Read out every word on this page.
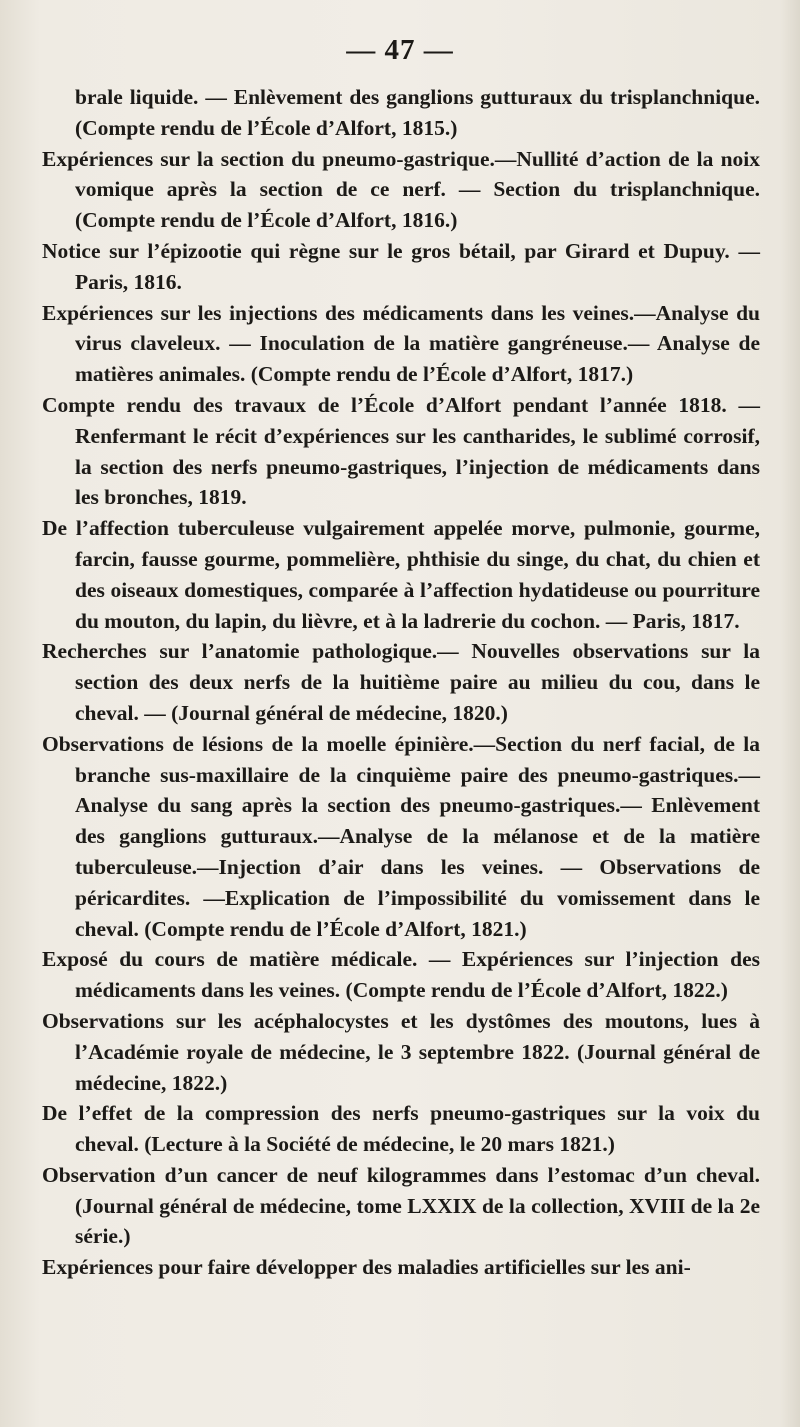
— 47 —

brale liquide. — Enlèvement des ganglions gutturaux du trisplanchnique. (Compte rendu de l’École d’Alfort, 1815.)

Expériences sur la section du pneumo-gastrique.—Nullité d’action de la noix vomique après la section de ce nerf. — Section du trisplanchnique. (Compte rendu de l’École d’Alfort, 1816.)

Notice sur l’épizootie qui règne sur le gros bétail, par Girard et Dupuy. —Paris, 1816.

Expériences sur les injections des médicaments dans les veines.—Analyse du virus claveleux. — Inoculation de la matière gangréneuse.— Analyse de matières animales. (Compte rendu de l’École d’Alfort, 1817.)

Compte rendu des travaux de l’École d’Alfort pendant l’année 1818. — Renfermant le récit d’expériences sur les cantharides, le sublimé corrosif, la section des nerfs pneumo-gastriques, l’injection de médicaments dans les bronches, 1819.

De l’affection tuberculeuse vulgairement appelée morve, pulmonie, gourme, farcin, fausse gourme, pommelière, phthisie du singe, du chat, du chien et des oiseaux domestiques, comparée à l’affection hydatideuse ou pourriture du mouton, du lapin, du lièvre, et à la ladrerie du cochon. — Paris, 1817.

Recherches sur l’anatomie pathologique.— Nouvelles observations sur la section des deux nerfs de la huitième paire au milieu du cou, dans le cheval. — (Journal général de médecine, 1820.)

Observations de lésions de la moelle épinière.—Section du nerf facial, de la branche sus-maxillaire de la cinquième paire des pneumo-gastriques.—Analyse du sang après la section des pneumo-gastriques.— Enlèvement des ganglions gutturaux.—Analyse de la mélanose et de la matière tuberculeuse.—Injection d’air dans les veines. — Observations de péricardites. —Explication de l’impossibilité du vomissement dans le cheval. (Compte rendu de l’École d’Alfort, 1821.)

Exposé du cours de matière médicale. — Expériences sur l’injection des médicaments dans les veines. (Compte rendu de l’École d’Alfort, 1822.)

Observations sur les acéphalocystes et les dystômes des moutons, lues à l’Académie royale de médecine, le 3 septembre 1822. (Journal général de médecine, 1822.)

De l’effet de la compression des nerfs pneumo-gastriques sur la voix du cheval. (Lecture à la Société de médecine, le 20 mars 1821.)

Observation d’un cancer de neuf kilogrammes dans l’estomac d’un cheval. (Journal général de médecine, tome LXXIX de la collection, XVIII de la 2e série.)

Expériences pour faire développer des maladies artificielles sur les ani-
